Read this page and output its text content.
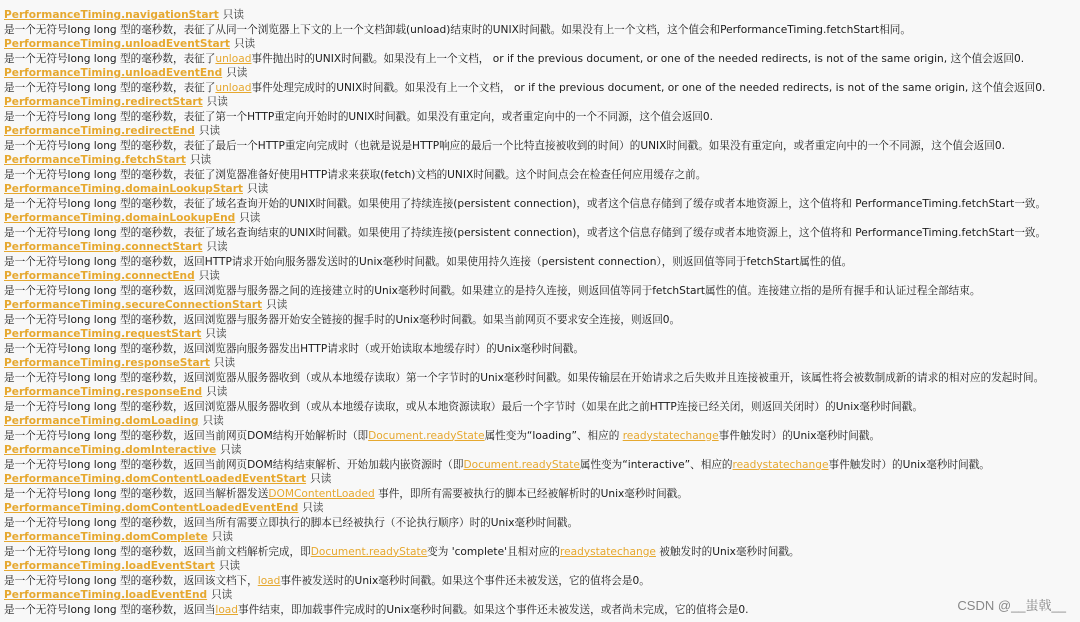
PerformanceTiming.navigationStart 只读
是一个无符号long long 型的毫秒数，表征了从同一个浏览器上下文的上一个文档卸载(unload)结束时的UNIX时间戳。如果没有上一个文档，这个值会和PerformanceTiming.fetchStart相同。
PerformanceTiming.unloadEventStart 只读
是一个无符号long long 型的毫秒数，表征了unload事件抛出时的UNIX时间戳。如果没有上一个文档， or if the previous document, or one of the needed redirects, is not of the same origin, 这个值会返回0.
PerformanceTiming.unloadEventEnd 只读
是一个无符号long long 型的毫秒数，表征了unload事件处理完成时的UNIX时间戳。如果没有上一个文档， or if the previous document, or one of the needed redirects, is not of the same origin, 这个值会返回0.
PerformanceTiming.redirectStart 只读
是一个无符号long long 型的毫秒数，表征了第一个HTTP重定向开始时的UNIX时间戳。如果没有重定向，或者重定向中的一个不同源，这个值会返回0.
PerformanceTiming.redirectEnd 只读
是一个无符号long long 型的毫秒数，表征了最后一个HTTP重定向完成时（也就是说是HTTP响应的最后一个比特直接被收到的时间）的UNIX时间戳。如果没有重定向，或者重定向中的一个不同源，这个值会返回0.
PerformanceTiming.fetchStart 只读
是一个无符号long long 型的毫秒数，表征了浏览器准备好使用HTTP请求来获取(fetch)文档的UNIX时间戳。这个时间点会在检查任何应用缓存之前。
PerformanceTiming.domainLookupStart 只读
是一个无符号long long 型的毫秒数，表征了域名查询开始的UNIX时间戳。如果使用了持续连接(persistent connection)，或者这个信息存储到了缓存或者本地资源上，这个值将和 PerformanceTiming.fetchStart一致。
PerformanceTiming.domainLookupEnd 只读
是一个无符号long long 型的毫秒数，表征了域名查询结束的UNIX时间戳。如果使用了持续连接(persistent connection)，或者这个信息存储到了缓存或者本地资源上，这个值将和 PerformanceTiming.fetchStart一致。
PerformanceTiming.connectStart 只读
是一个无符号long long 型的毫秒数，返回HTTP请求开始向服务器发送时的Unix毫秒时间戳。如果使用持久连接（persistent connection），则返回值等同于fetchStart属性的值。
PerformanceTiming.connectEnd 只读
是一个无符号long long 型的毫秒数，返回浏览器与服务器之间的连接建立时的Unix毫秒时间戳。如果建立的是持久连接，则返回值等同于fetchStart属性的值。连接建立指的是所有握手和认证过程全部结束。
PerformanceTiming.secureConnectionStart 只读
是一个无符号long long 型的毫秒数，返回浏览器与服务器开始安全链接的握手时的Unix毫秒时间戳。如果当前网页不要求安全连接，则返回0。
PerformanceTiming.requestStart 只读
是一个无符号long long 型的毫秒数，返回浏览器向服务器发出HTTP请求时（或开始读取本地缓存时）的Unix毫秒时间戳。
PerformanceTiming.responseStart 只读
是一个无符号long long 型的毫秒数，返回浏览器从服务器收到（或从本地缓存读取）第一个字节时的Unix毫秒时间戳。如果传输层在开始请求之后失败并且连接被重开，该属性将会被数制成新的请求的相对应的发起时间。
PerformanceTiming.responseEnd 只读
是一个无符号long long 型的毫秒数，返回浏览器从服务器收到（或从本地缓存读取，或从本地资源读取）最后一个字节时（如果在此之前HTTP连接已经关闭，则返回关闭时）的Unix毫秒时间戳。
PerformanceTiming.domLoading 只读
是一个无符号long long 型的毫秒数，返回当前网页DOM结构开始解析时（即Document.readyState属性变为“loading”、相应的 readystatechange事件触发时）的Unix毫秒时间戳。
PerformanceTiming.domInteractive 只读
是一个无符号long long 型的毫秒数，返回当前网页DOM结构结束解析、开始加载内嵌资源时（即Document.readyState属性变为“interactive”、相应的readystatechange事件触发时）的Unix毫秒时间戳。
PerformanceTiming.domContentLoadedEventStart 只读
是一个无符号long long 型的毫秒数，返回当解析器发送DOMContentLoaded 事件，即所有需要被执行的脚本已经被解析时的Unix毫秒时间戳。
PerformanceTiming.domContentLoadedEventEnd 只读
是一个无符号long long 型的毫秒数，返回当所有需要立即执行的脚本已经被执行（不论执行顺序）时的Unix毫秒时间戳。
PerformanceTiming.domComplete 只读
是一个无符号long long 型的毫秒数，返回当前文档解析完成，即Document.readyState变为 'complete'且相对应的readystatechange 被触发时的Unix毫秒时间戳。
PerformanceTiming.loadEventStart 只读
是一个无符号long long 型的毫秒数，返回该文档下，load事件被发送时的Unix毫秒时间戳。如果这个事件还未被发送，它的值将会是0。
PerformanceTiming.loadEventEnd 只读
是一个无符号long long 型的毫秒数，返回当load事件结束，即加载事件完成时的Unix毫秒时间戳。如果这个事件还未被发送，或者尚未完成，它的值将会是0.	CSDN @__蚩戟__
